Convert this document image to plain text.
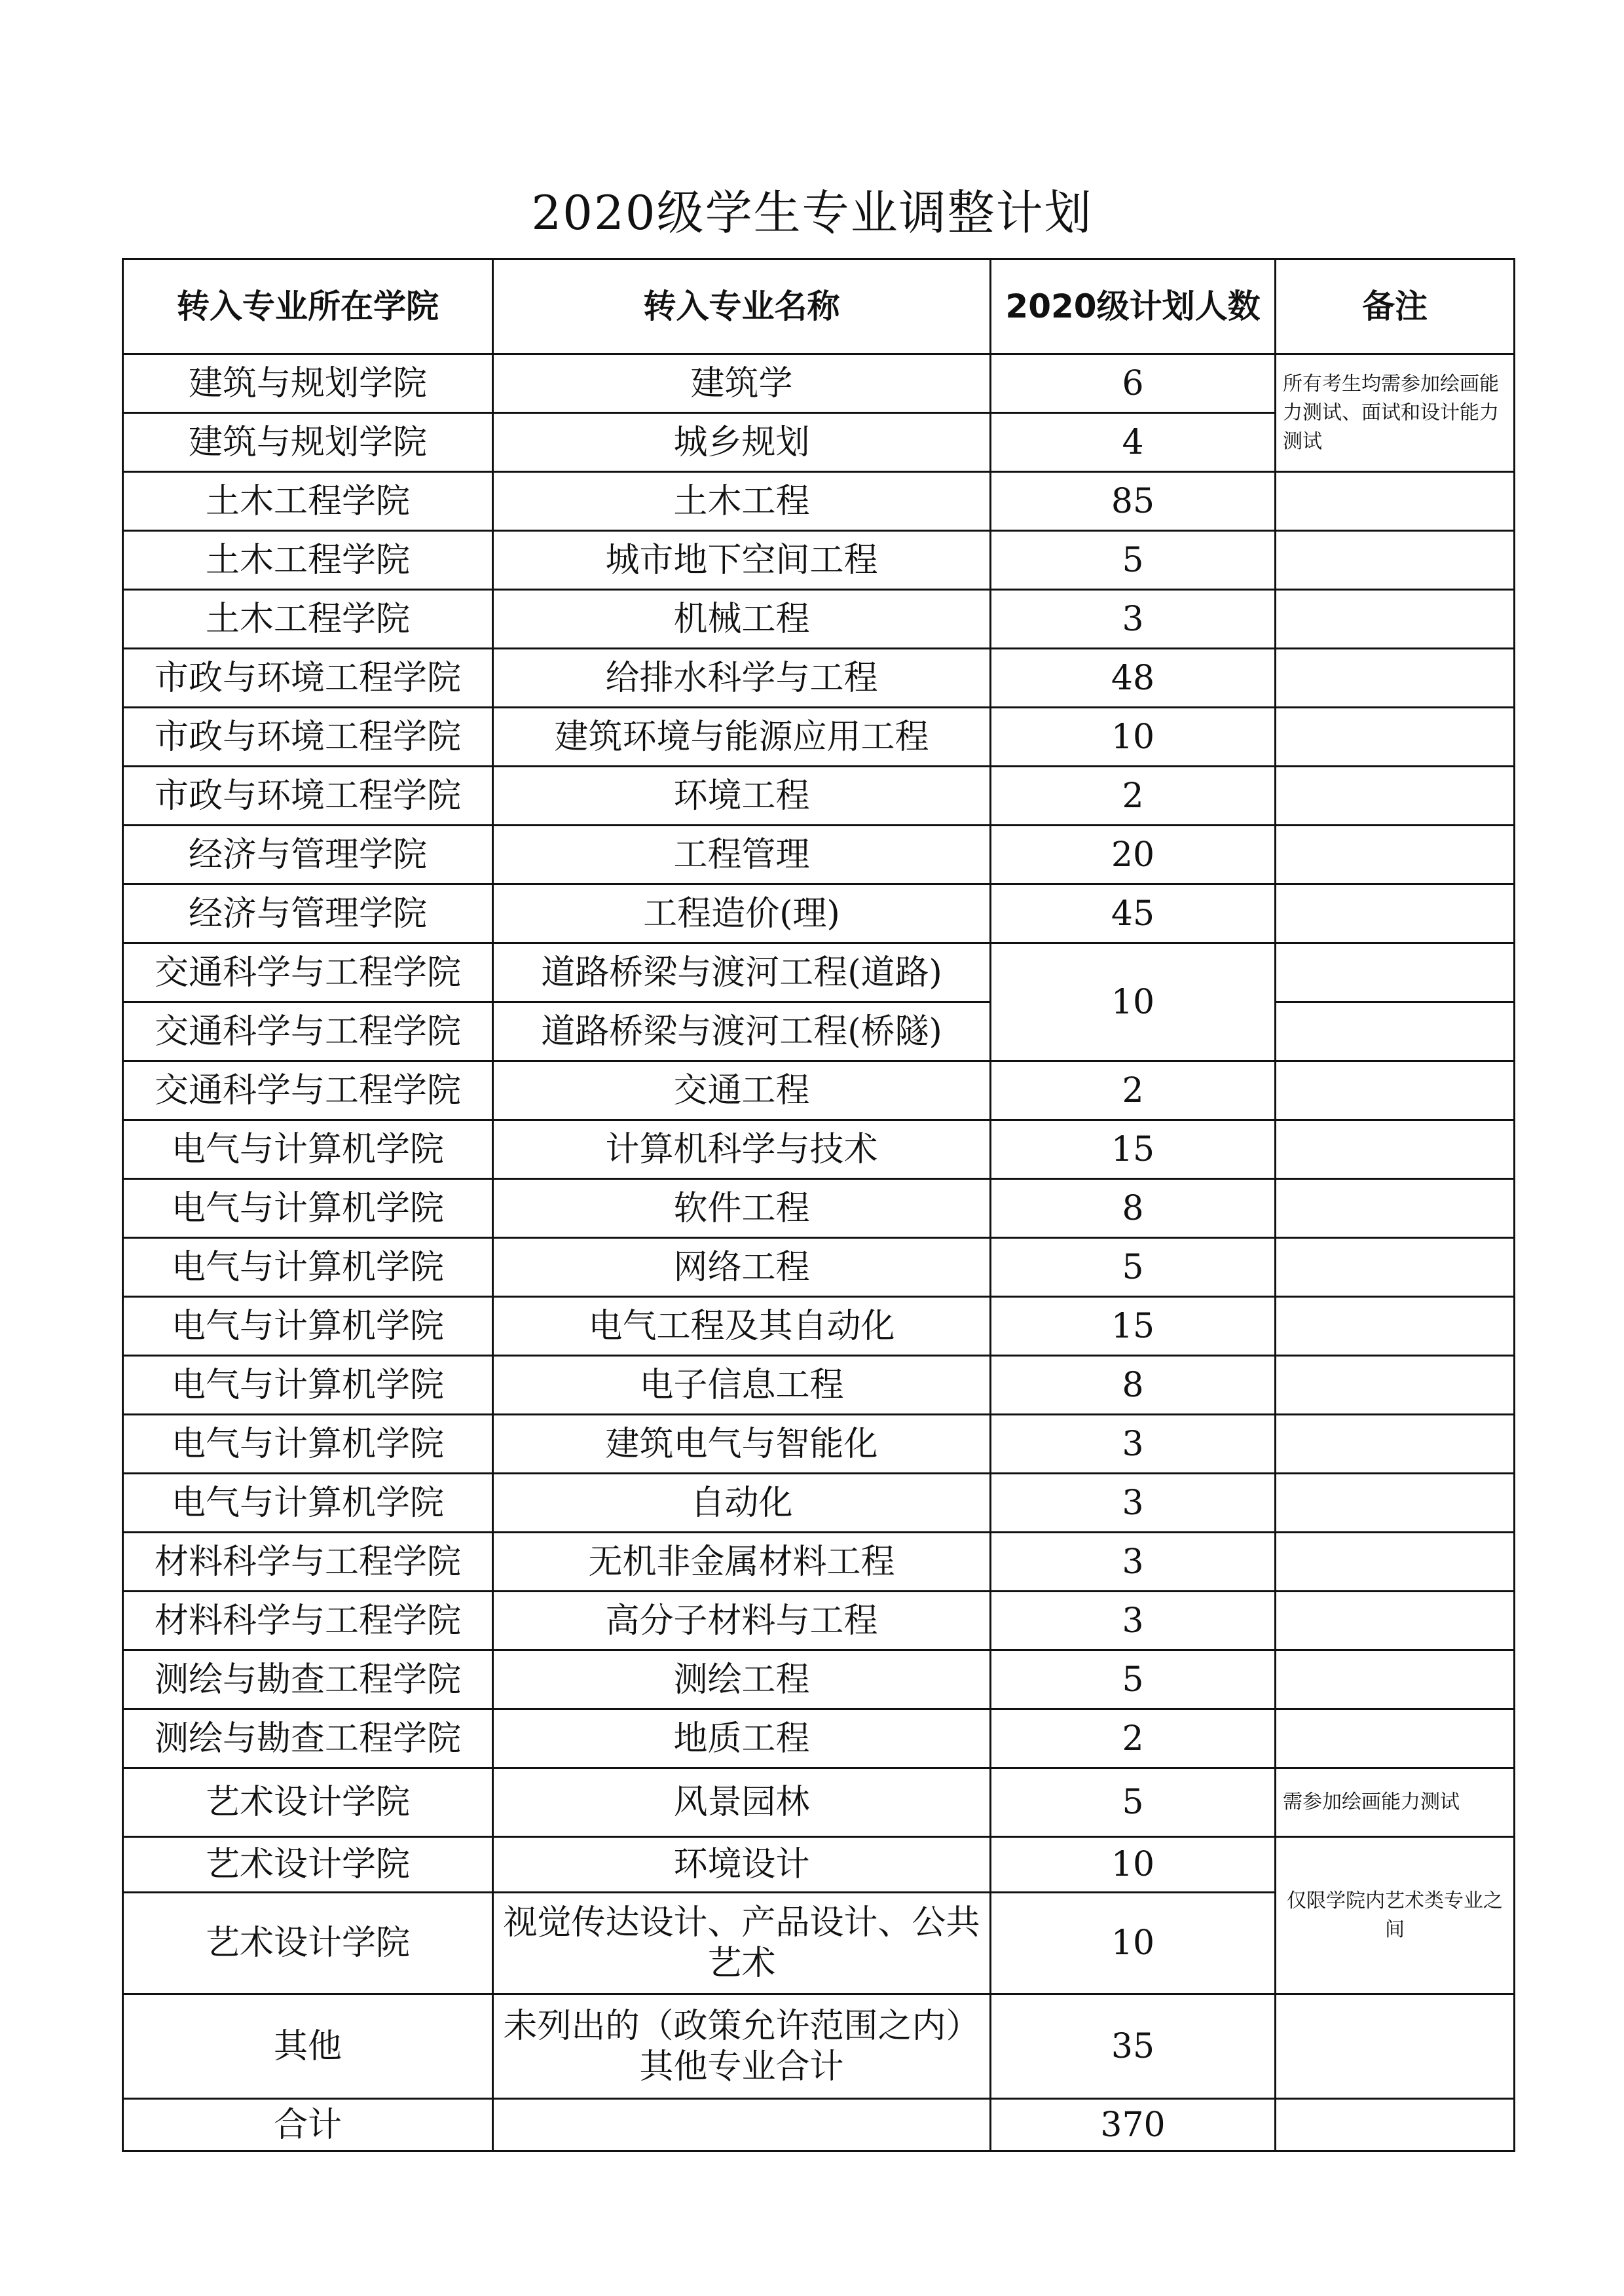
2020级学生专业调整计划
转入专业所在学院	转入专业名称	2020级计划人数	备注
建筑与规划学院	建筑学	6	所有考生均需参加绘画能力测试、面试和设计能力测试
建筑与规划学院	城乡规划	4	
土木工程学院	土木工程	85	
土木工程学院	城市地下空间工程	5	
土木工程学院	机械工程	3	
市政与环境工程学院	给排水科学与工程	48	
市政与环境工程学院	建筑环境与能源应用工程	10	
市政与环境工程学院	环境工程	2	
经济与管理学院	工程管理	20	
经济与管理学院	工程造价(理)	45	
交通科学与工程学院	道路桥梁与渡河工程(道路)	10	
交通科学与工程学院	道路桥梁与渡河工程(桥隧)		
交通科学与工程学院	交通工程	2	
电气与计算机学院	计算机科学与技术	15	
电气与计算机学院	软件工程	8	
电气与计算机学院	网络工程	5	
电气与计算机学院	电气工程及其自动化	15	
电气与计算机学院	电子信息工程	8	
电气与计算机学院	建筑电气与智能化	3	
电气与计算机学院	自动化	3	
材料科学与工程学院	无机非金属材料工程	3	
材料科学与工程学院	高分子材料与工程	3	
测绘与勘查工程学院	测绘工程	5	
测绘与勘查工程学院	地质工程	2	
艺术设计学院	风景园林	5	需参加绘画能力测试
艺术设计学院	环境设计	10	仅限学院内艺术类专业之间
艺术设计学院	视觉传达设计、产品设计、公共艺术	10	
其他	未列出的（政策允许范围之内）其他专业合计	35	
合计		370	
